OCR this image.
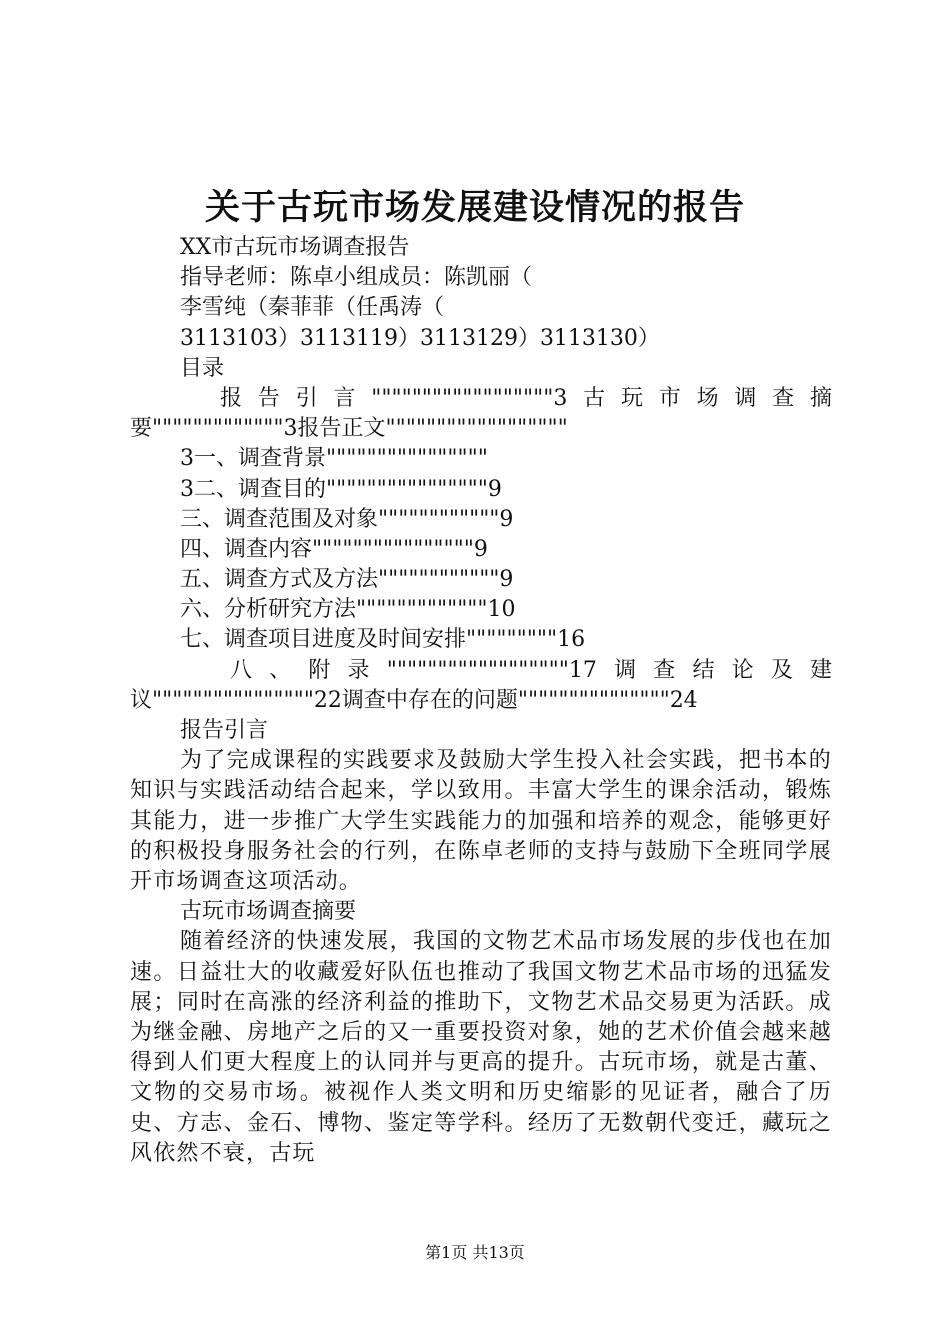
关于古玩市场发展建设情况的报告
XX市古玩市场调查报告
指导老师：陈卓小组成员：陈凯丽（
李雪纯（秦菲菲（任禹涛（
3113103）3113119）3113129）3113130）
目录
报告引言""""""""""""""""""3古玩市场调查摘
要"""""""""""""3报告正文""""""""""""""""""
3一、调查背景""""""""""""""""
3二、调查目的""""""""""""""""9
三、调查范围及对象""""""""""""9
四、调查内容""""""""""""""""9
五、调查方式及方法""""""""""""9
六、分析研究方法"""""""""""""10
七、调查项目进度及时间安排"""""""""16
八、附录""""""""""""""""""17调查结论及建
议""""""""""""""""22调查中存在的问题"""""""""""""""24
报告引言
为了完成课程的实践要求及鼓励大学生投入社会实践，把书本的知识与实践活动结合起来，学以致用。丰富大学生的课余活动，锻炼其能力，进一步推广大学生实践能力的加强和培养的观念，能够更好的积极投身服务社会的行列，在陈卓老师的支持与鼓励下全班同学展开市场调查这项活动。
古玩市场调查摘要
随着经济的快速发展，我国的文物艺术品市场发展的步伐也在加速。日益壮大的收藏爱好队伍也推动了我国文物艺术品市场的迅猛发展；同时在高涨的经济利益的推助下，文物艺术品交易更为活跃。成为继金融、房地产之后的又一重要投资对象，她的艺术价值会越来越得到人们更大程度上的认同并与更高的提升。古玩市场，就是古董、文物的交易市场。被视作人类文明和历史缩影的见证者，融合了历史、方志、金石、博物、鉴定等学科。经历了无数朝代变迁，藏玩之风依然不衰，古玩
第1页 共13页
